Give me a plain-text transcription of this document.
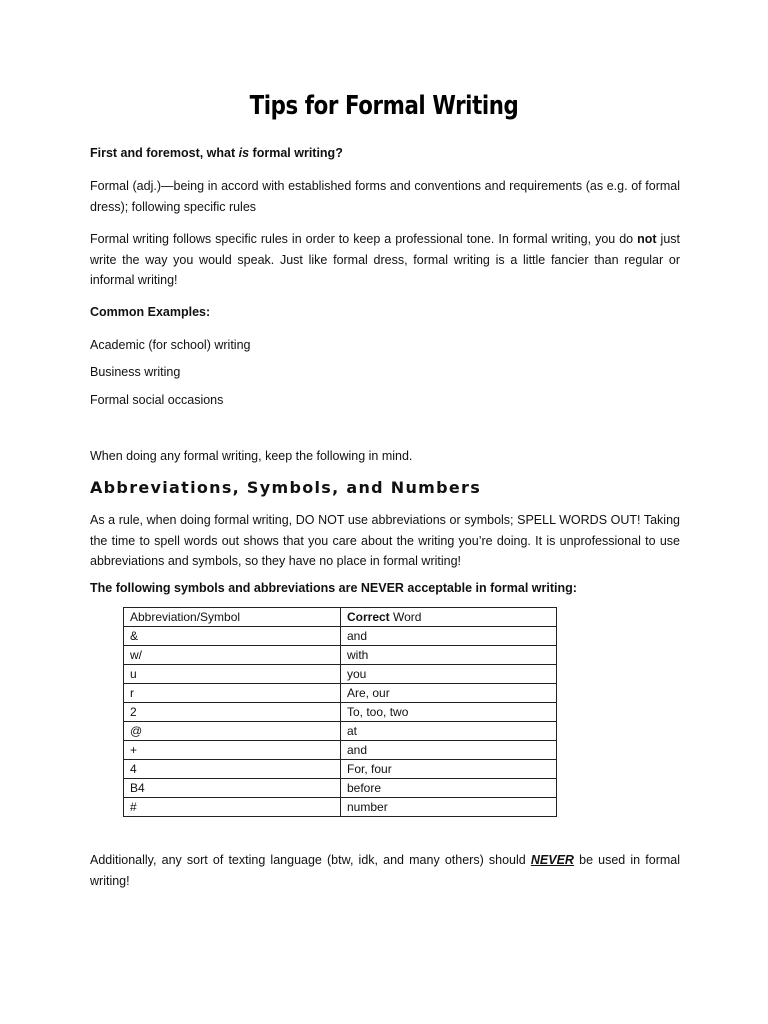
Tips for Formal Writing
First and foremost, what is formal writing?
Formal (adj.)—being in accord with established forms and conventions and requirements (as e.g. of formal dress); following specific rules
Formal writing follows specific rules in order to keep a professional tone. In formal writing, you do not just write the way you would speak. Just like formal dress, formal writing is a little fancier than regular or informal writing!
Common Examples:
Academic (for school) writing
Business writing
Formal social occasions
When doing any formal writing, keep the following in mind.
Abbreviations, Symbols, and Numbers
As a rule, when doing formal writing, DO NOT use abbreviations or symbols; SPELL WORDS OUT! Taking the time to spell words out shows that you care about the writing you’re doing. It is unprofessional to use abbreviations and symbols, so they have no place in formal writing!
The following symbols and abbreviations are NEVER acceptable in formal writing:
Abbreviation/Symbol	Correct Word
&	and
w/	with
u	you
r	Are, our
2	To, too, two
@	at
+	and
4	For, four
B4	before
#	number
Additionally, any sort of texting language (btw, idk, and many others) should NEVER be used in formal writing!
